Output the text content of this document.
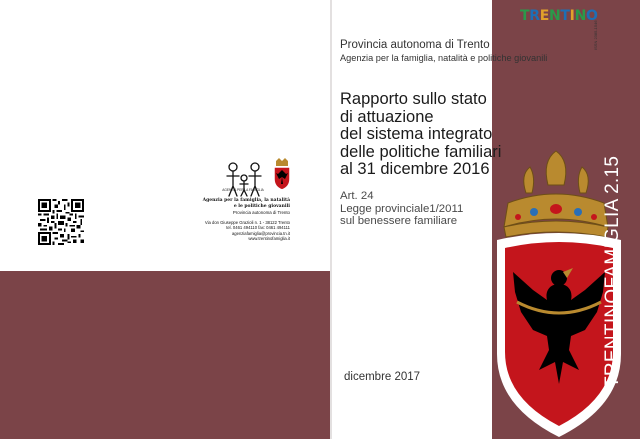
AGENZIA PER LA FAMIGLIA
Agenzia per la famiglia, la natalità
e le politiche giovanili
Provincia autonoma di Trento
Via don Giuseppe Grazioli n. 1 - 38122 Trento
tel. 0461 494110 fax: 0461 494111
agenziafamiglia@provincia.tn.it
www.trentinofamiglia.it
Provincia autonoma di Trento
Agenzia per la famiglia, natalità e politiche giovanili
Rapporto sullo stato
di attuazione
del sistema integrato
delle politiche familiari
al 31 dicembre 2016
Art. 24
Legge provinciale1/2011
sul benessere familiare
dicembre 2017
TRENTINO
ISSN 2385-1546
TRENTINOFAMIGLIA 2.15
